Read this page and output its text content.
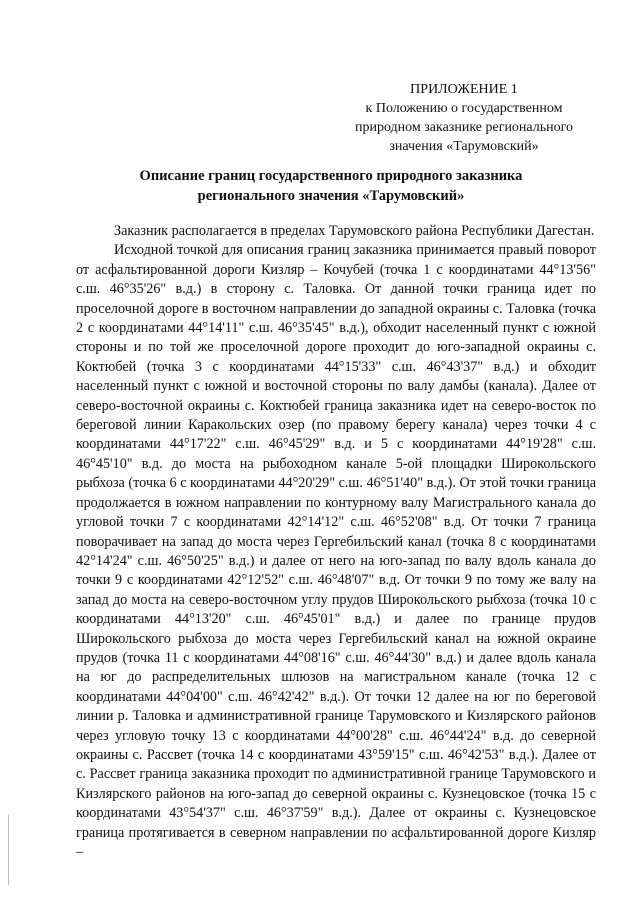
ПРИЛОЖЕНИЕ 1
к Положению о государственном
природном заказнике регионального
значения «Тарумовский»
Описание границ государственного природного заказника
регионального значения «Тарумовский»

Заказник располагается в пределах Тарумовского района Республики Дагестан.

Исходной точкой для описания границ заказника принимается правый поворот от асфальтированной дороги Кизляр – Кочубей (точка 1 с координатами 44°13'56" с.ш. 46°35'26" в.д.) в сторону с. Таловка. От данной точки граница идет по проселочной дороге в восточном направлении до западной окраины с. Таловка (точка 2 с координатами 44°14'11" с.ш. 46°35'45" в.д.), обходит населенный пункт с южной стороны и по той же проселочной дороге проходит до юго-западной окраины с. Коктюбей (точка 3 с координатами 44°15'33" с.ш. 46°43'37" в.д.) и обходит населенный пункт с южной и восточной стороны по валу дамбы (канала). Далее от северо-восточной окраины с. Коктюбей граница заказника идет на северо-восток по береговой линии Каракольских озер (по правому берегу канала) через точки 4 с координатами 44°17'22" с.ш. 46°45'29" в.д. и 5 с координатами 44°19'28" с.ш. 46°45'10" в.д. до моста на рыбоходном канале 5-ой площадки Широкольского рыбхоза (точка 6 с координатами 44°20'29" с.ш. 46°51'40" в.д.). От этой точки граница продолжается в южном направлении по контурному валу Магистрального канала до угловой точки 7 с координатами 42°14'12" с.ш. 46°52'08" в.д. От точки 7 граница поворачивает на запад до моста через Гергебильский канал (точка 8 с координатами 42°14'24" с.ш. 46°50'25" в.д.) и далее от него на юго-запад по валу вдоль канала до точки 9 с координатами 42°12'52" с.ш. 46°48'07" в.д. От точки 9 по тому же валу на запад до моста на северо-восточном углу прудов Широкольского рыбхоза (точка 10 с координатами 44°13'20" с.ш. 46°45'01" в.д.) и далее по границе прудов Широкольского рыбхоза до моста через Гергебильский канал на южной окраине прудов (точка 11 с координатами 44°08'16" с.ш. 46°44'30" в.д.) и далее вдоль канала на юг до распределительных шлюзов на магистральном канале (точка 12 с координатами 44°04'00" с.ш. 46°42'42" в.д.). От точки 12 далее на юг по береговой линии р. Таловка и административной границе Тарумовского и Кизлярского районов через угловую точку 13 с координатами 44°00'28" с.ш. 46°44'24" в.д. до северной окраины с. Рассвет (точка 14 с координатами 43°59'15" с.ш. 46°42'53" в.д.). Далее от с. Рассвет граница заказника проходит по административной границе Тарумовского и Кизлярского районов на юго-запад до северной окраины с. Кузнецовское (точка 15 с координатами 43°54'37" с.ш. 46°37'59" в.д.). Далее от окраины с. Кузнецовское граница протягивается в северном направлении по асфальтированной дороге Кизляр –
